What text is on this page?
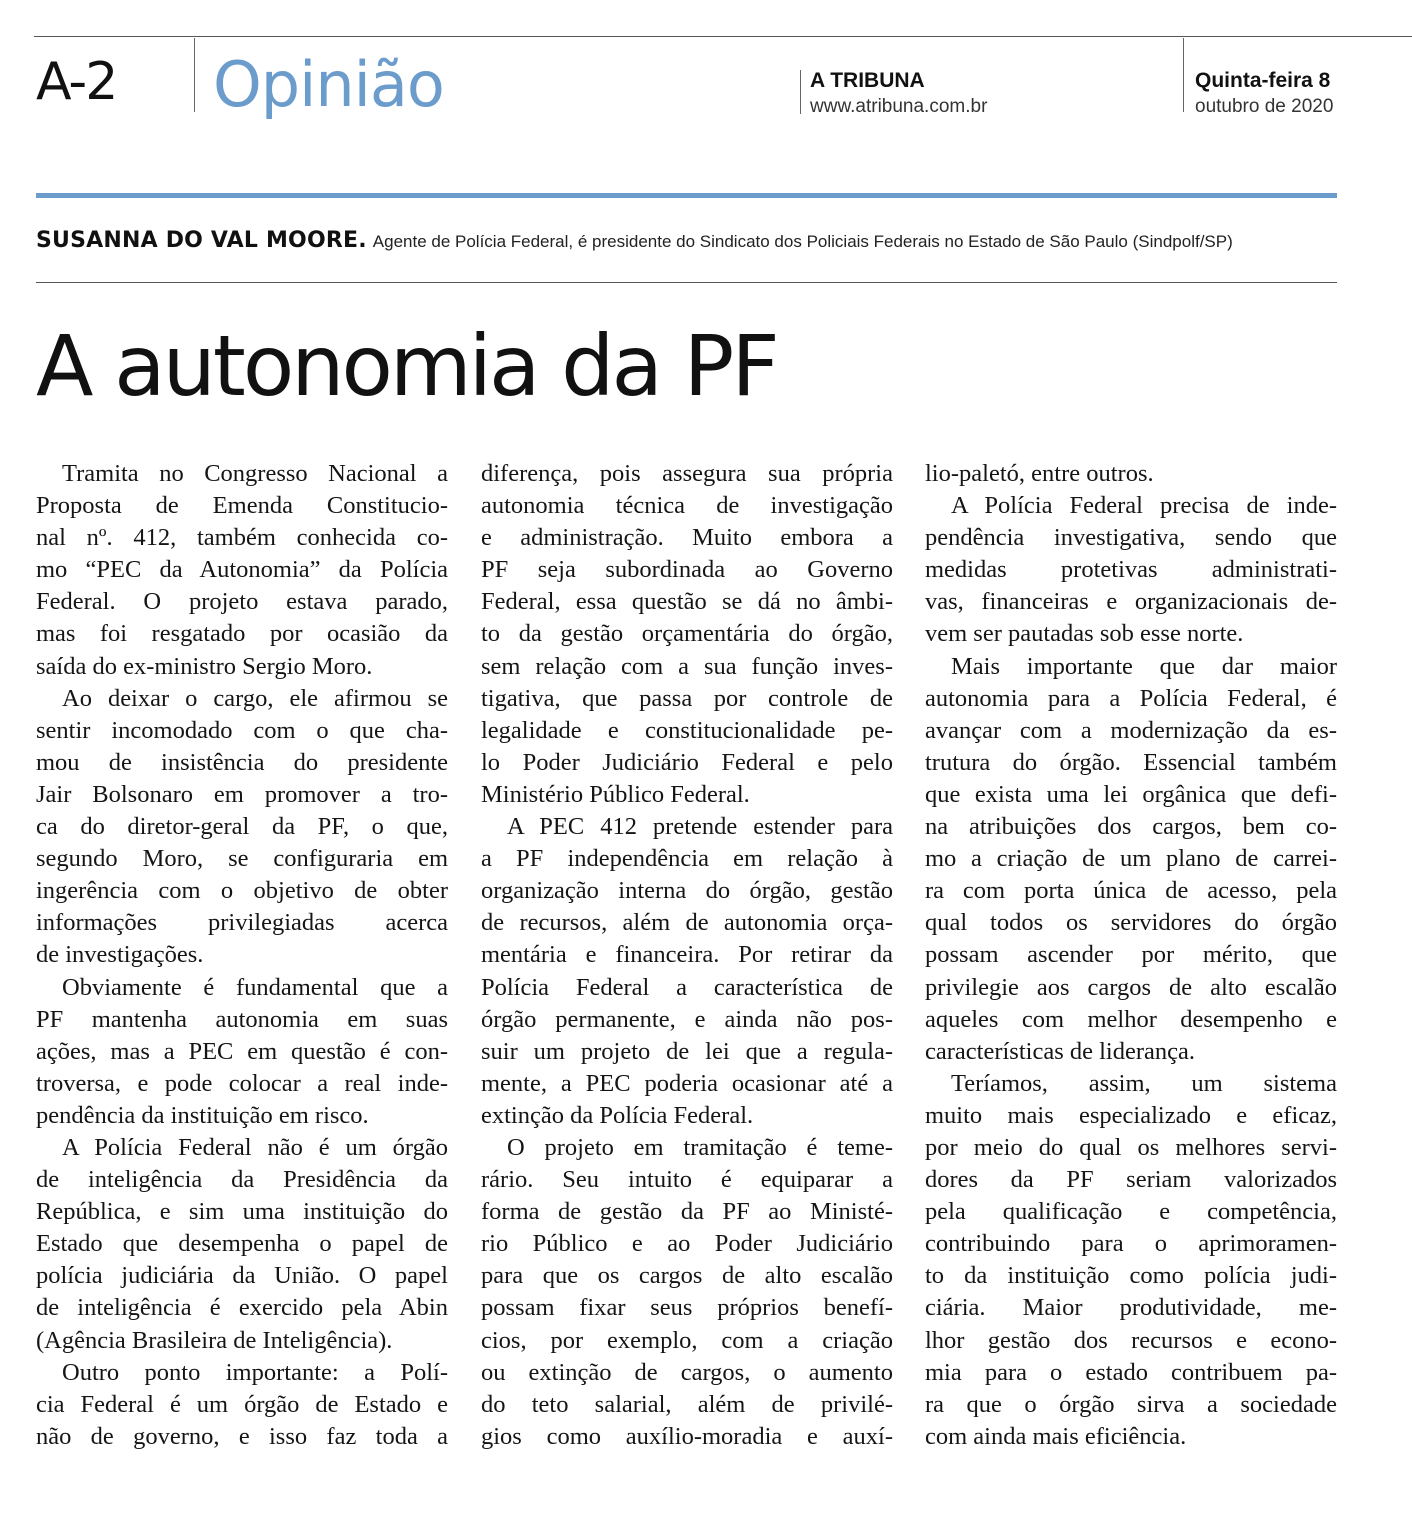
A-2 Opinião	A TRIBUNA
www.atribuna.com.br
Quinta-feira 8
outubro de 2020
SUSANNA DO VAL MOORE. Agente de Polícia Federal, é presidente do Sindicato dos Policiais Federais no Estado de São Paulo (Sindpolf/SP)
A autonomia da PF
Tramita no Congresso Nacional a
Proposta de Emenda Constitucio-
nal nº. 412, também conhecida co-
mo “PEC da Autonomia” da Polícia
Federal. O projeto estava parado,
mas foi resgatado por ocasião da
saída do ex-ministro Sergio Moro.
Ao deixar o cargo, ele afirmou se
sentir incomodado com o que cha-
mou de insistência do presidente
Jair Bolsonaro em promover a tro-
ca do diretor-geral da PF, o que,
segundo Moro, se configuraria em
ingerência com o objetivo de obter
informações privilegiadas acerca
de investigações.
Obviamente é fundamental que a
PF mantenha autonomia em suas
ações, mas a PEC em questão é con-
troversa, e pode colocar a real inde-
pendência da instituição em risco.
A Polícia Federal não é um órgão
de inteligência da Presidência da
República, e sim uma instituição do
Estado que desempenha o papel de
polícia judiciária da União. O papel
de inteligência é exercido pela Abin
(Agência Brasileira de Inteligência).
Outro ponto importante: a Polí-
cia Federal é um órgão de Estado e
não de governo, e isso faz toda a
diferença, pois assegura sua própria
autonomia técnica de investigação
e administração. Muito embora a
PF seja subordinada ao Governo
Federal, essa questão se dá no âmbi-
to da gestão orçamentária do órgão,
sem relação com a sua função inves-
tigativa, que passa por controle de
legalidade e constitucionalidade pe-
lo Poder Judiciário Federal e pelo
Ministério Público Federal.
A PEC 412 pretende estender para
a PF independência em relação à
organização interna do órgão, gestão
de recursos, além de autonomia orça-
mentária e financeira. Por retirar da
Polícia Federal a característica de
órgão permanente, e ainda não pos-
suir um projeto de lei que a regula-
mente, a PEC poderia ocasionar até a
extinção da Polícia Federal.
O projeto em tramitação é teme-
rário. Seu intuito é equiparar a
forma de gestão da PF ao Ministé-
rio Público e ao Poder Judiciário
para que os cargos de alto escalão
possam fixar seus próprios benefí-
cios, por exemplo, com a criação
ou extinção de cargos, o aumento
do teto salarial, além de privilé-
gios como auxílio-moradia e auxí-
lio-paletó, entre outros.
A Polícia Federal precisa de inde-
pendência investigativa, sendo que
medidas protetivas administrati-
vas, financeiras e organizacionais de-
vem ser pautadas sob esse norte.
Mais importante que dar maior
autonomia para a Polícia Federal, é
avançar com a modernização da es-
trutura do órgão. Essencial também
que exista uma lei orgânica que defi-
na atribuições dos cargos, bem co-
mo a criação de um plano de carrei-
ra com porta única de acesso, pela
qual todos os servidores do órgão
possam ascender por mérito, que
privilegie aos cargos de alto escalão
aqueles com melhor desempenho e
características de liderança.
Teríamos, assim, um sistema
muito mais especializado e eficaz,
por meio do qual os melhores servi-
dores da PF seriam valorizados
pela qualificação e competência,
contribuindo para o aprimoramen-
to da instituição como polícia judi-
ciária. Maior produtividade, me-
lhor gestão dos recursos e econo-
mia para o estado contribuem pa-
ra que o órgão sirva a sociedade
com ainda mais eficiência.
